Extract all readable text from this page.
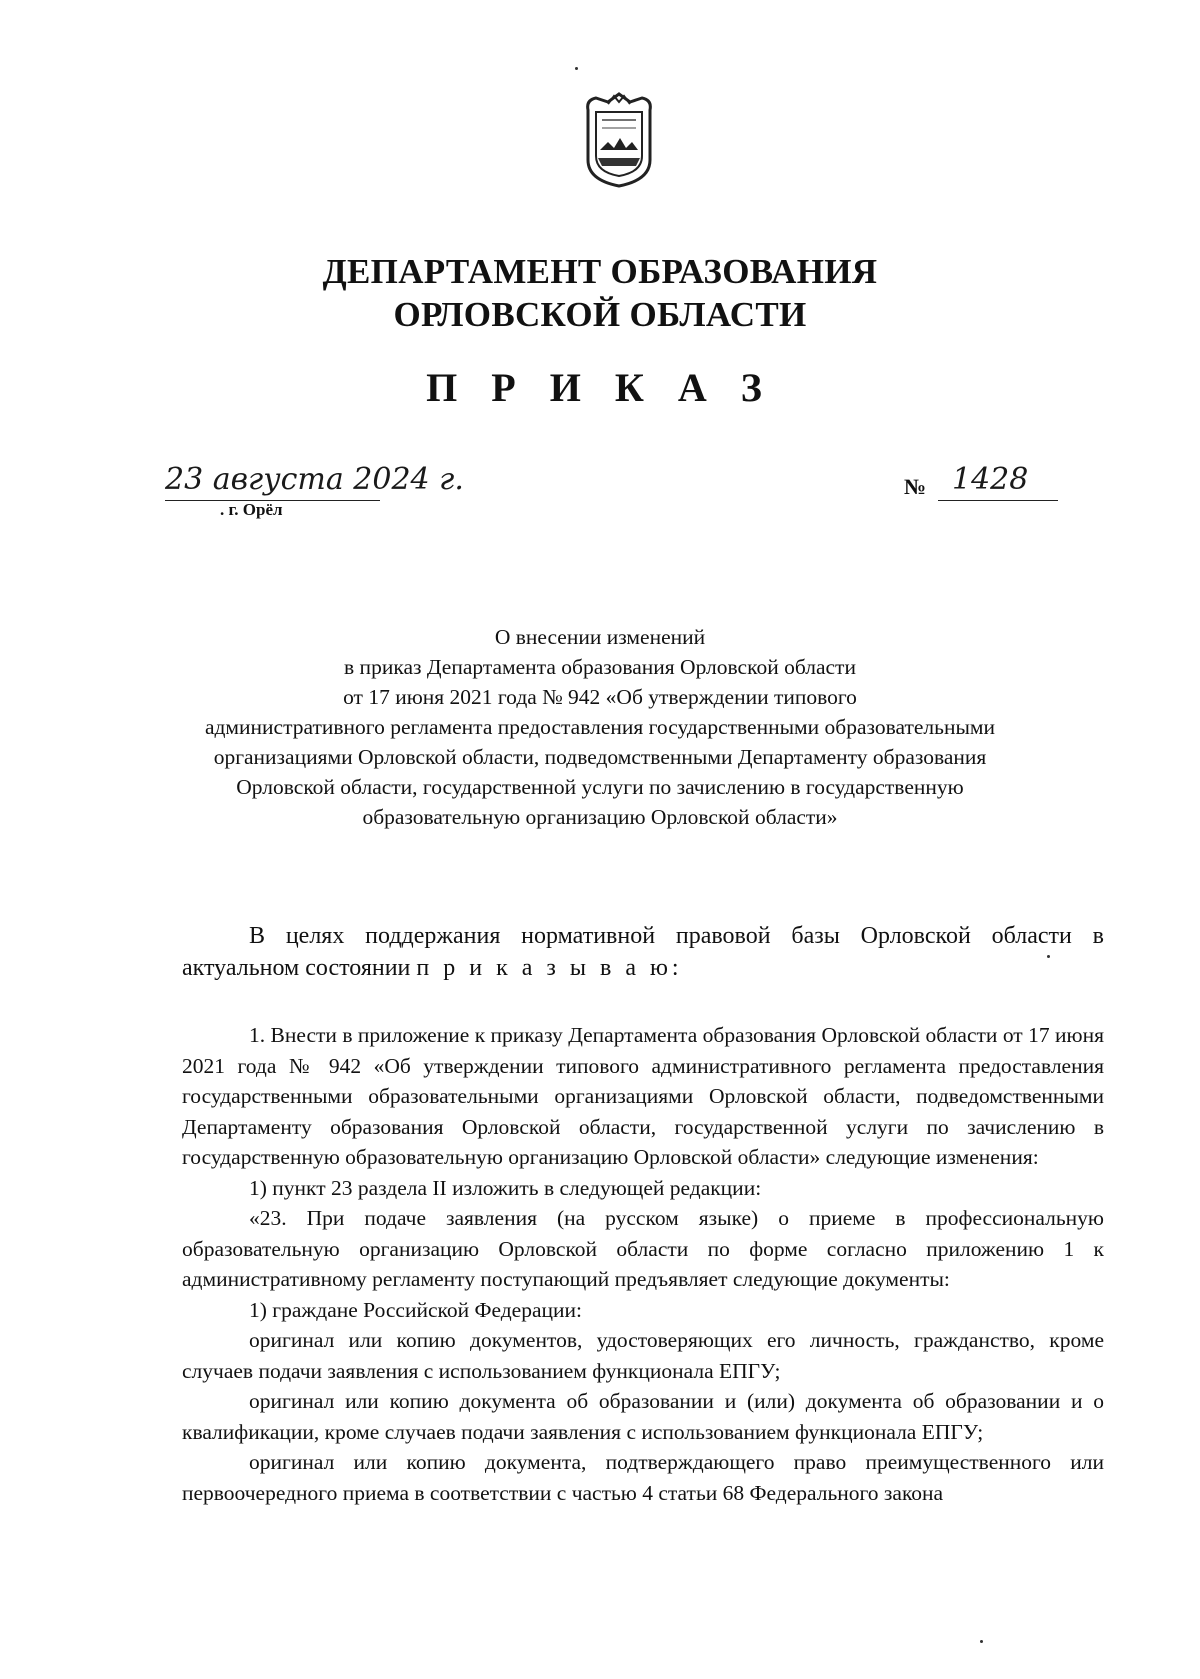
ДЕПАРТАМЕНТ ОБРАЗОВАНИЯ
ОРЛОВСКОЙ ОБЛАСТИ
П Р И К А З
23 августа 2024 г.
. г. Орёл
№ 1428
О внесении изменений
в приказ Департамента образования Орловской области
от 17 июня 2021 года № 942 «Об утверждении типового
административного регламента предоставления государственными образовательными
организациями Орловской области, подведомственными Департаменту образования
Орловской области, государственной услуги по зачислению в государственную
образовательную организацию Орловской области»

В целях поддержания нормативной правовой базы Орловской области в актуальном состоянии п р и к а з ы в а ю:

1. Внести в приложение к приказу Департамента образования Орловской области от 17 июня 2021 года № 942 «Об утверждении типового административного регламента предоставления государственными образовательными организациями Орловской области, подведомственными Департаменту образования Орловской области, государственной услуги по зачислению в государственную образовательную организацию Орловской области» следующие изменения:

1) пункт 23 раздела II изложить в следующей редакции:

«23. При подаче заявления (на русском языке) о приеме в профессиональную образовательную организацию Орловской области по форме согласно приложению 1 к административному регламенту поступающий предъявляет следующие документы:

1) граждане Российской Федерации:

оригинал или копию документов, удостоверяющих его личность, гражданство, кроме случаев подачи заявления с использованием функционала ЕПГУ;

оригинал или копию документа об образовании и (или) документа об образовании и о квалификации, кроме случаев подачи заявления с использованием функционала ЕПГУ;

оригинал или копию документа, подтверждающего право преимущественного или первоочередного приема в соответствии с частью 4 статьи 68 Федерального закона
